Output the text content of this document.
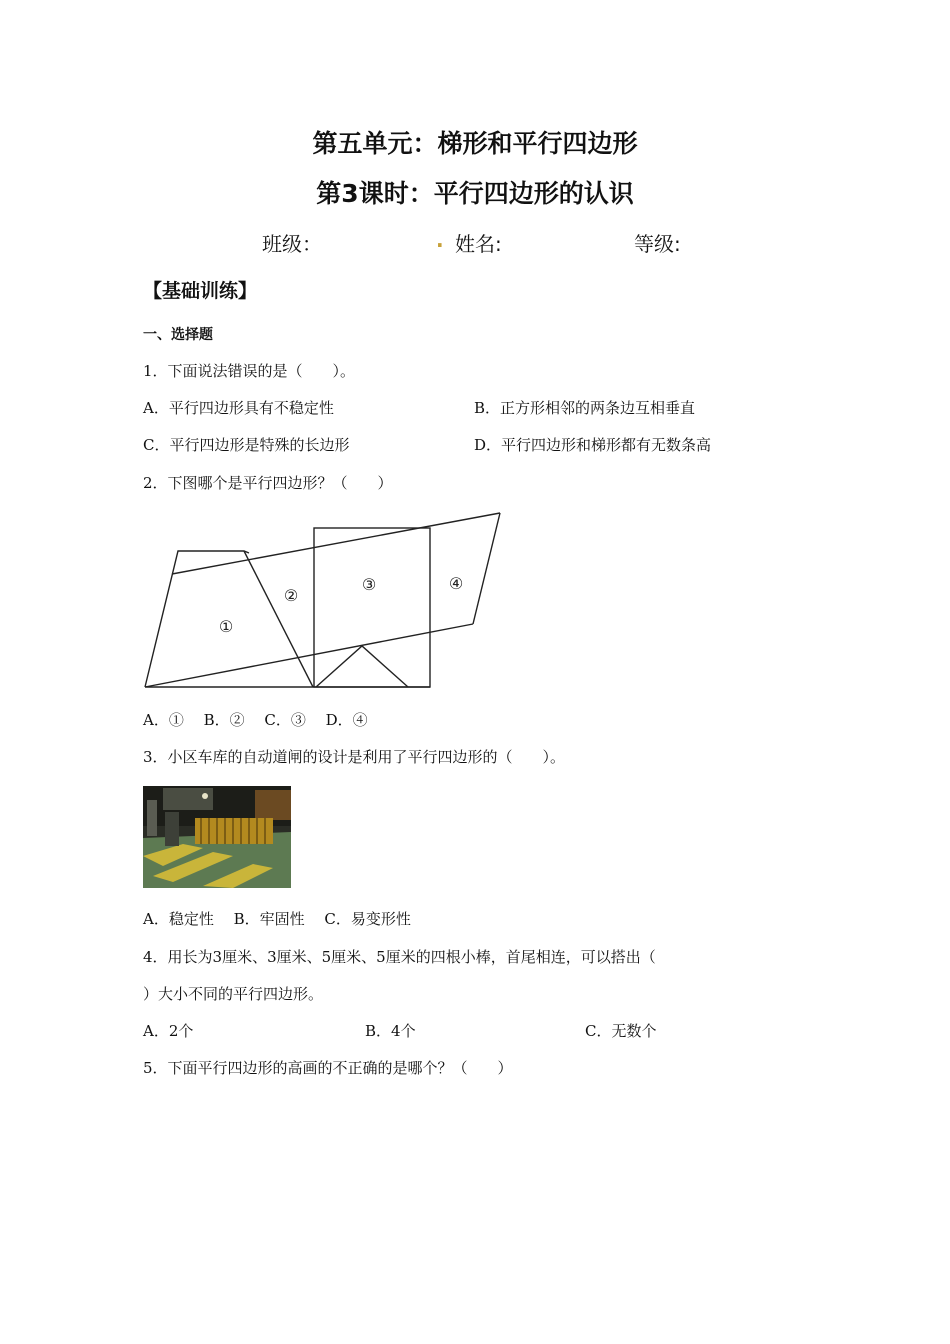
第五单元：梯形和平行四边形
第3课时：平行四边形的认识
班级：	. 姓名:	等级:
【基础训练】
一、选择题
1．下面说法错误的是（　　）。
A．平行四边形具有不稳定性	B．正方形相邻的两条边互相垂直
C．平行四边形是特殊的长边形	D．平行四边形和梯形都有无数条高
2．下图哪个是平行四边形？（　　）
①
②
③	④
A．①　 B．②　 C．③　 D．④
3．小区车库的自动道闸的设计是利用了平行四边形的（　　）。
A．稳定性　 B．牢固性　 C．易变形性
4．用长为3厘米、3厘米、5厘米、5厘米的四根小棒，首尾相连，可以搭出（
）大小不同的平行四边形。
A．2个	B．4个	C．无数个
5．下面平行四边形的高画的不正确的是哪个？（　　）
